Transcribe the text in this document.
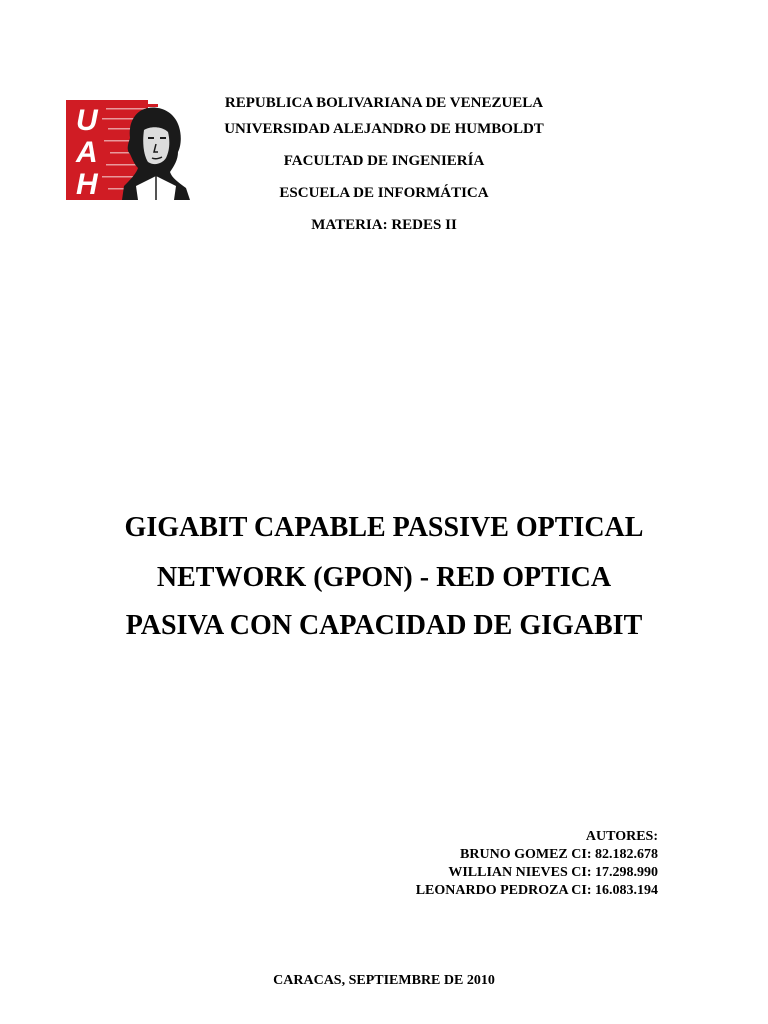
U
A
H
REPUBLICA BOLIVARIANA DE VENEZUELA
UNIVERSIDAD ALEJANDRO DE HUMBOLDT
FACULTAD DE INGENIERÍA
ESCUELA DE INFORMÁTICA
MATERIA: REDES II
GIGABIT CAPABLE PASSIVE OPTICAL
NETWORK (GPON) - RED OPTICA
PASIVA CON CAPACIDAD DE GIGABIT
AUTORES:
BRUNO GOMEZ CI: 82.182.678
WILLIAN NIEVES CI: 17.298.990
LEONARDO PEDROZA CI: 16.083.194
CARACAS, SEPTIEMBRE DE 2010
